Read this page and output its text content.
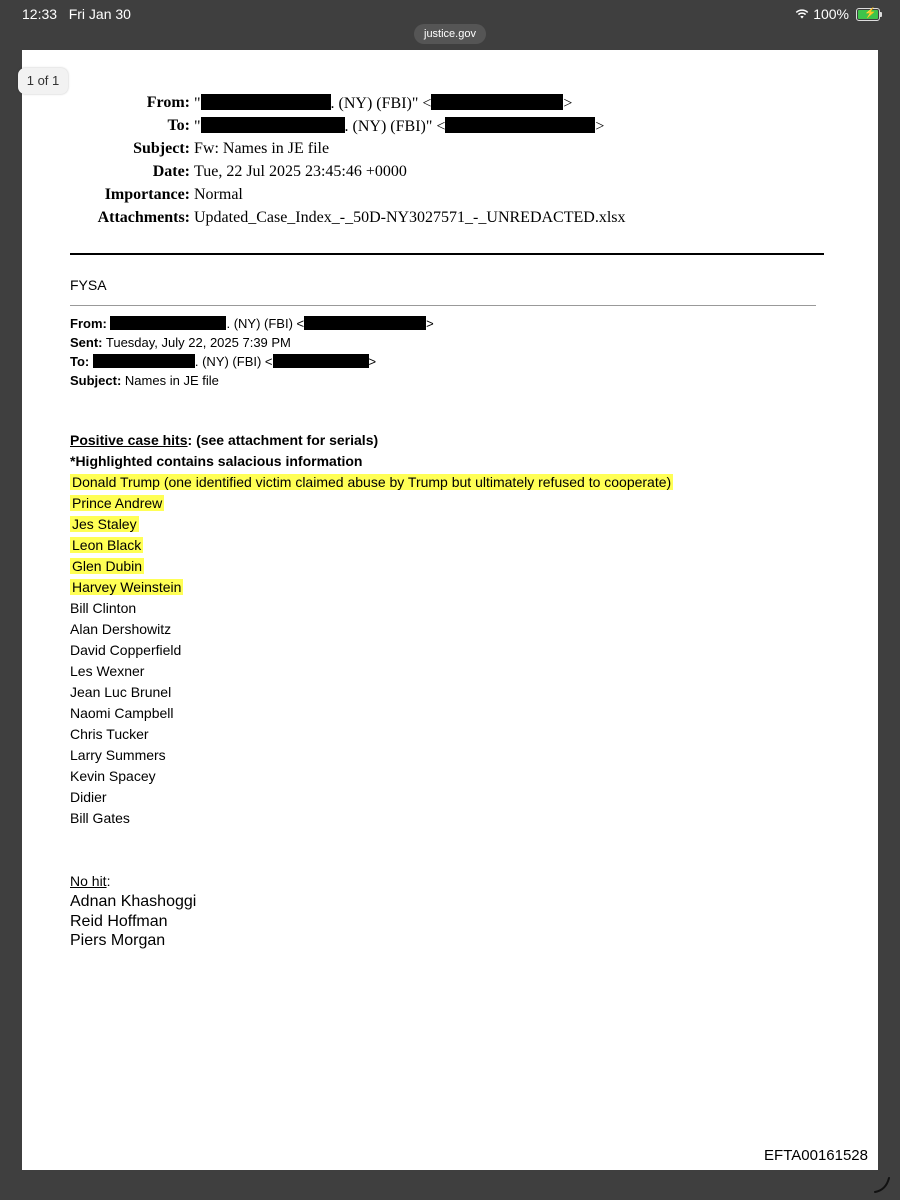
12:33 Fri Jan 30	100% ⚡
justice.gov
From: "	. (NY) (FBI)" <	>
To: "	. (NY) (FBI)" <	>
Subject: Fw: Names in JE file
Date: Tue, 22 Jul 2025 23:45:46 +0000
Importance: Normal
Attachments: Updated_Case_Index_-_50D-NY3027571_-_UNREDACTED.xlsx
FYSA
From:	. (NY) (FBI) <	>
Sent: Tuesday, July 22, 2025 7:39 PM
To:	. (NY) (FBI) <	>
Subject: Names in JE file
Positive case hits: (see attachment for serials)
*Highlighted contains salacious information
Donald Trump (one identified victim claimed abuse by Trump but ultimately refused to cooperate)
Prince Andrew
Jes Staley
Leon Black
Glen Dubin
Harvey Weinstein
Bill Clinton
Alan Dershowitz
David Copperfield
Les Wexner
Jean Luc Brunel
Naomi Campbell
Chris Tucker
Larry Summers
Kevin Spacey
Didier
Bill Gates
No hit:
Adnan Khashoggi
Reid Hoffman
Piers Morgan
EFTA00161528
1 of 1
